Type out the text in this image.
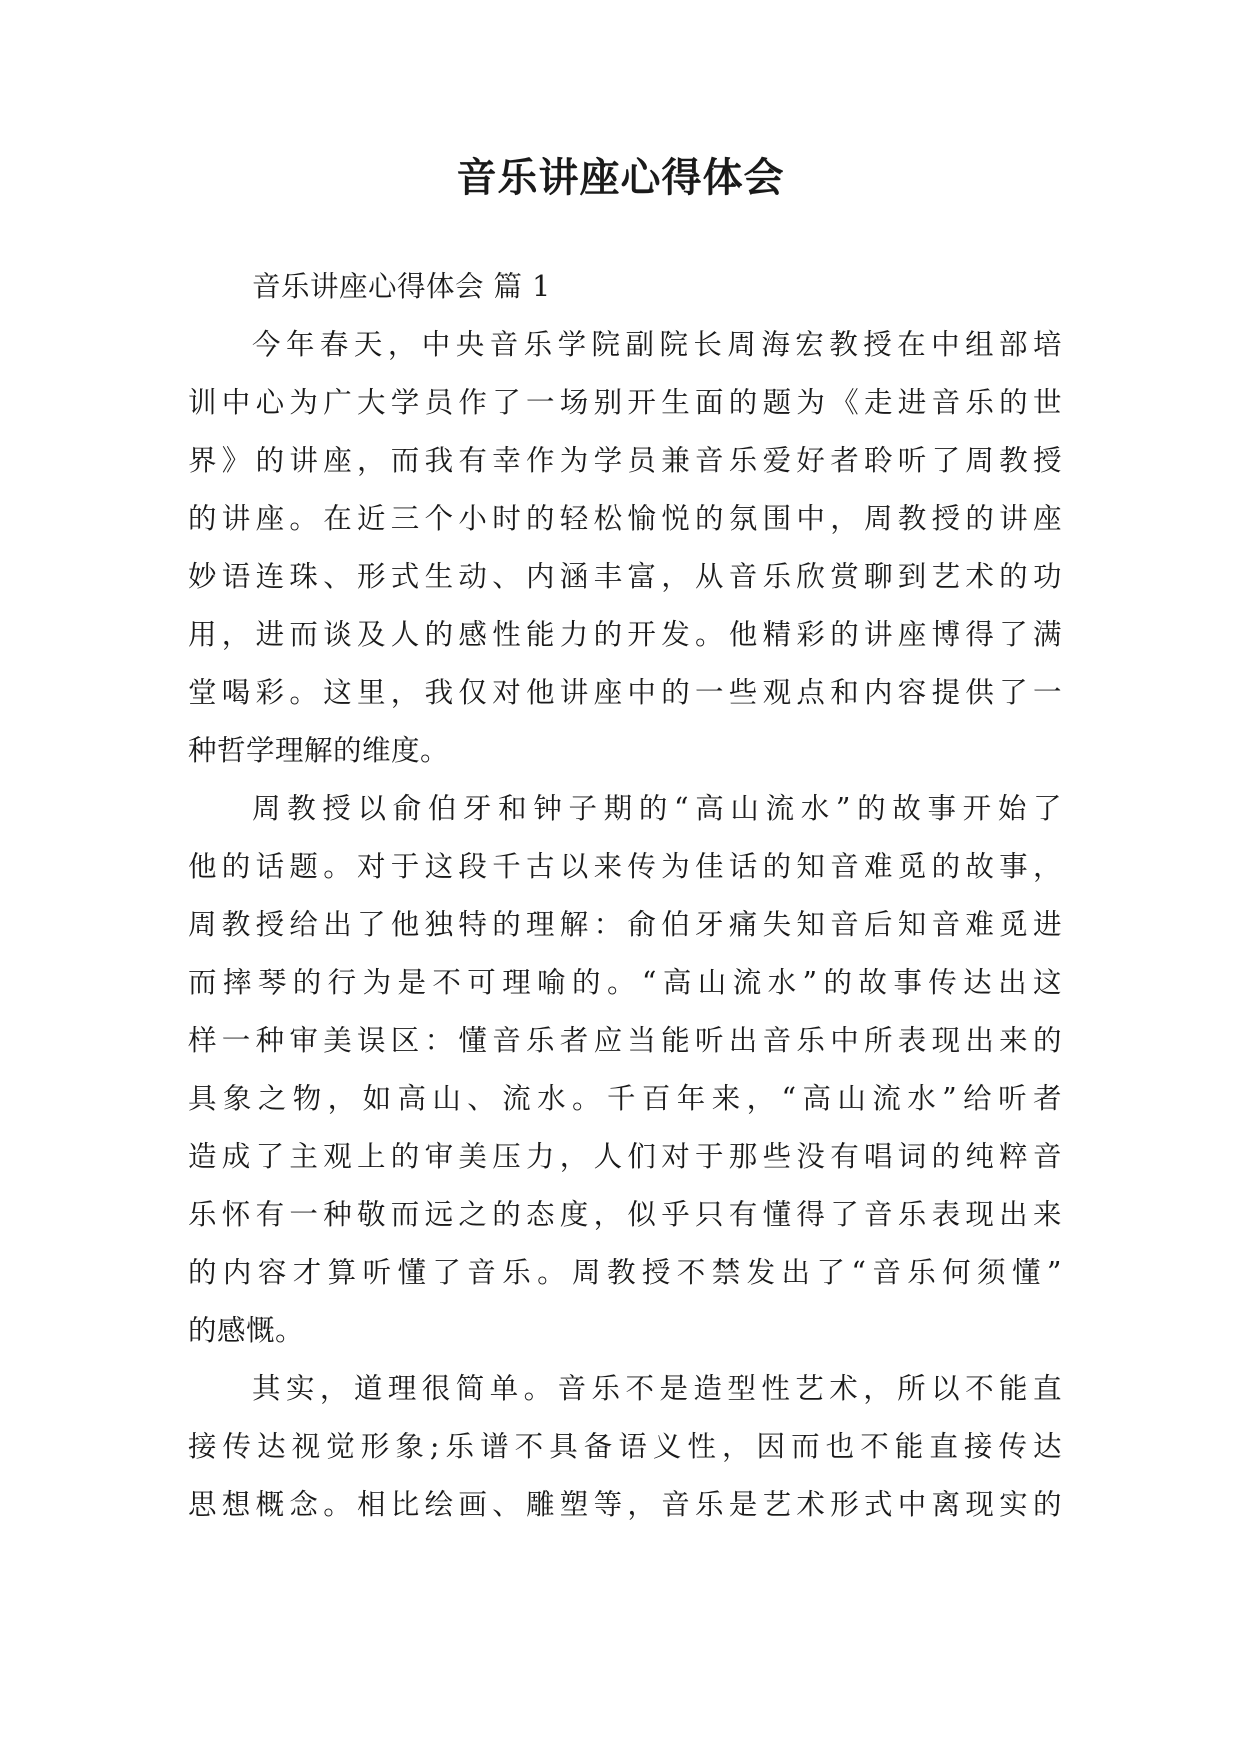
音乐讲座心得体会
音乐讲座心得体会 篇 1
今年春天，中央音乐学院副院长周海宏教授在中组部培
训中心为广大学员作了一场别开生面的题为《走进音乐的世
界》的讲座，而我有幸作为学员兼音乐爱好者聆听了周教授
的讲座。在近三个小时的轻松愉悦的氛围中，周教授的讲座
妙语连珠、形式生动、内涵丰富，从音乐欣赏聊到艺术的功
用，进而谈及人的感性能力的开发。他精彩的讲座博得了满
堂喝彩。这里，我仅对他讲座中的一些观点和内容提供了一
种哲学理解的维度。
周教授以俞伯牙和钟子期的“高山流水”的故事开始了
他的话题。对于这段千古以来传为佳话的知音难觅的故事，
周教授给出了他独特的理解：俞伯牙痛失知音后知音难觅进
而摔琴的行为是不可理喻的。“高山流水”的故事传达出这
样一种审美误区：懂音乐者应当能听出音乐中所表现出来的
具象之物，如高山、流水。千百年来，“高山流水”给听者
造成了主观上的审美压力，人们对于那些没有唱词的纯粹音
乐怀有一种敬而远之的态度，似乎只有懂得了音乐表现出来
的内容才算听懂了音乐。周教授不禁发出了“音乐何须懂”
的感慨。
其实，道理很简单。音乐不是造型性艺术，所以不能直
接传达视觉形象;乐谱不具备语义性，因而也不能直接传达
思想概念。相比绘画、雕塑等，音乐是艺术形式中离现实的
